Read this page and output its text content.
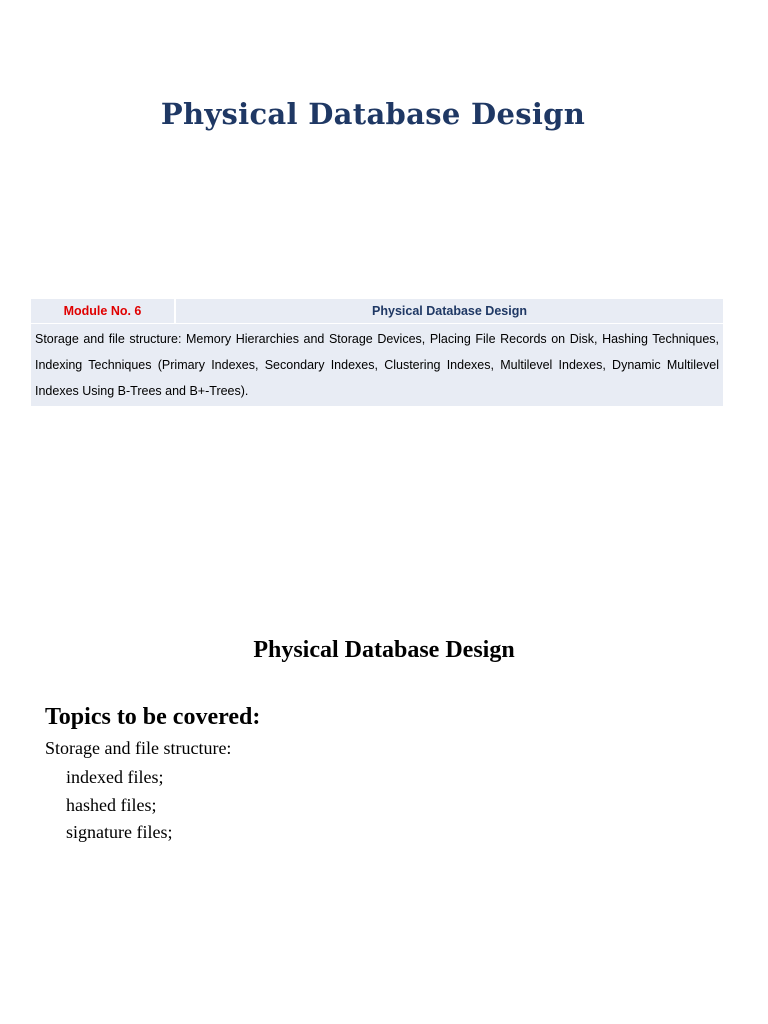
Physical Database Design
Module No. 6	Physical Database Design
Storage and file structure: Memory Hierarchies and Storage Devices, Placing File Records on Disk, Hashing Techniques, Indexing Techniques (Primary Indexes, Secondary Indexes, Clustering Indexes, Multilevel Indexes, Dynamic Multilevel Indexes Using B-Trees and B+-Trees).
Physical Database Design
Topics to be covered:
Storage and file structure:
indexed files;
hashed files;
signature files;
